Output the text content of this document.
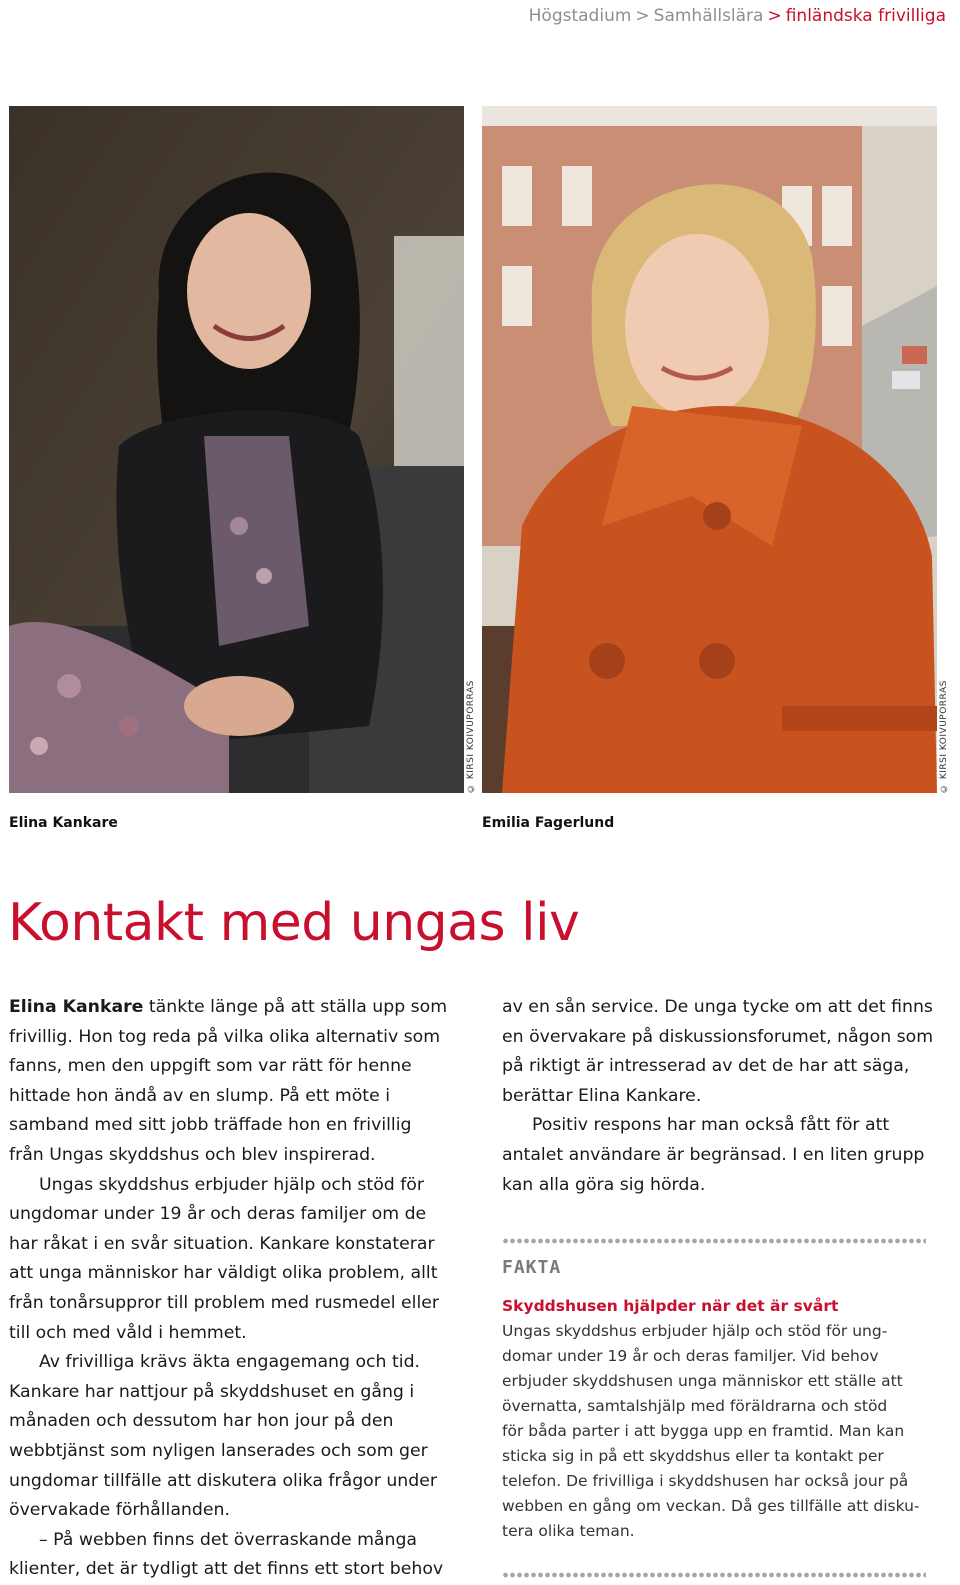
Högstadium > Samhällslära > finländska frivilliga
© KIRSI KOIVUPORRAS	© KIRSI KOIVUPORRAS
Elina Kankare	Emilia Fagerlund
Kontakt med ungas liv

Elina Kankare tänkte länge på att ställa upp som frivillig. Hon tog reda på vilka olika alternativ som fanns, men den uppgift som var rätt för henne hittade hon ändå av en slump. På ett möte i samband med sitt jobb träffade hon en frivillig från Ungas skyddshus och blev inspirerad.

Ungas skyddshus erbjuder hjälp och stöd för ungdomar under 19 år och deras familjer om de har råkat i en svår situation. Kankare konstaterar att unga människor har väldigt olika problem, allt från tonårsuppror till problem med rusmedel eller till och med våld i hemmet.

Av frivilliga krävs äkta engagemang och tid. Kankare har nattjour på skyddshuset en gång i månaden och dessutom har hon jour på den webbtjänst som nyligen lanserades och som ger ungdomar tillfälle att diskutera olika frågor under övervakade förhållanden.

– På webben finns det överraskande många klienter, det är tydligt att det finns ett stort behov

av en sån service. De unga tycke om att det finns en övervakare på diskussionsforumet, någon som på riktigt är intresserad av det de har att säga, berättar Elina Kankare.

Positiv respons har man också fått för att antalet användare är begränsad. I en liten grupp kan alla göra sig hörda.

FAKTA
Skyddshusen hjälpder när det är svårt
Ungas skyddshus erbjuder hjälp och stöd för ung-
domar under 19 år och deras familjer. Vid behov
erbjuder skyddshusen unga människor ett ställe att
övernatta, samtalshjälp med föräldrarna och stöd
för båda parter i att bygga upp en framtid. Man kan
sticka sig in på ett skyddshus eller ta kontakt per
telefon. De frivilliga i skyddshusen har också jour på
webben en gång om veckan. Då ges tillfälle att disku-
tera olika teman.
